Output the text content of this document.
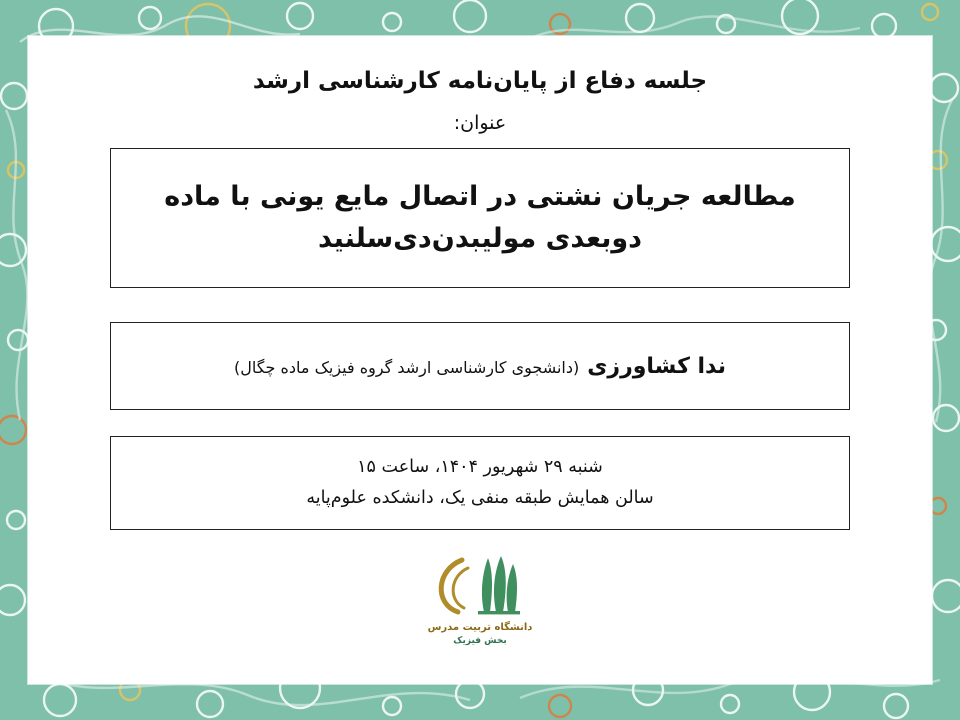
جلسه دفاع از پایان‌نامه کارشناسی ارشد
عنوان:
مطالعه جریان نشتی در اتصال مایع یونی با ماده دوبعدی مولیبدن‌دی‌سلنید
ندا کشاورزی
(دانشجوی کارشناسی ارشد گروه فیزیک ماده چگال)
شنبه ۲۹ شهریور ۱۴۰۴، ساعت ۱۵
سالن همایش طبقه منفی یک، دانشکده علوم‌پایه
دانشگاه تربیت مدرس
بخش فیزیک
